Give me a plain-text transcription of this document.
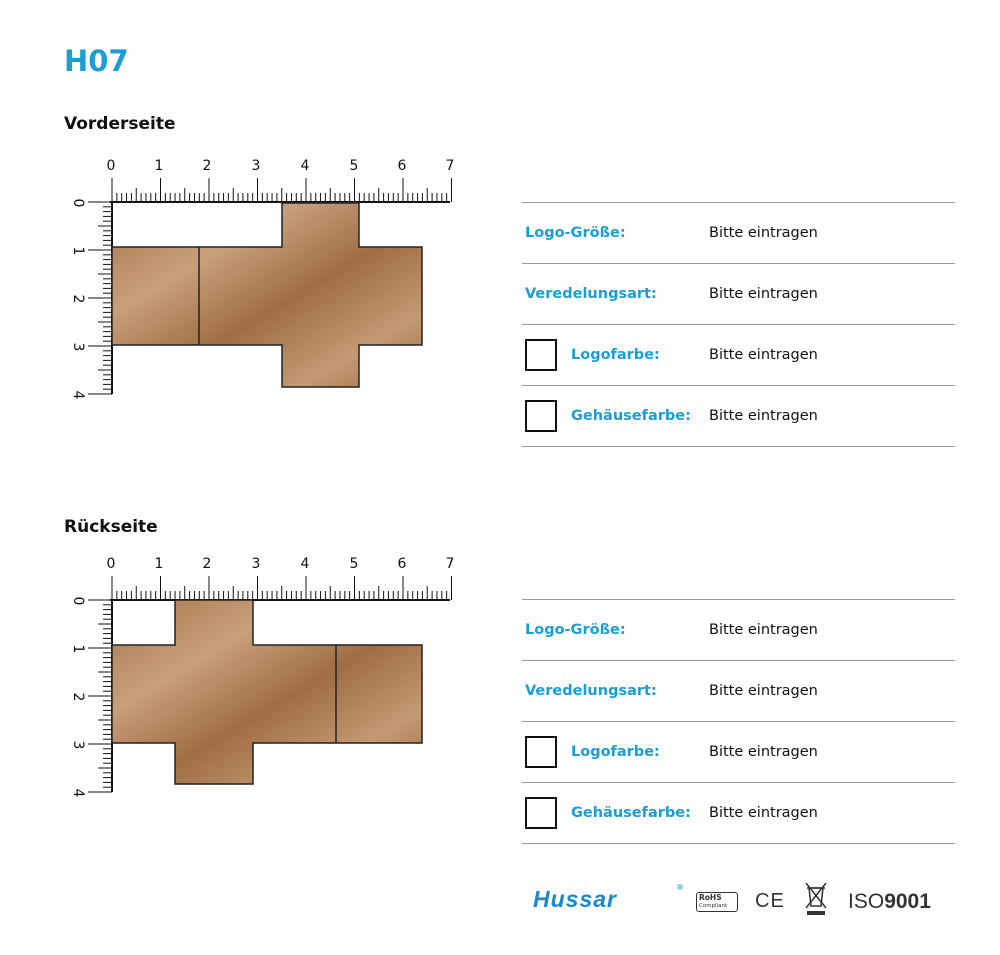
H07
Vorderseite
0	1	2	3	4	5	6	7
0
1
2
3
4
Logo-Größe:	Bitte eintragen
Veredelungsart:	Bitte eintragen
Logofarbe:	Bitte eintragen
Gehäusefarbe: Bitte eintragen
Rückseite
0	1	2	3	4	5	6	7
0
1
2
3
4
Logo-Größe:	Bitte eintragen
Veredelungsart:	Bitte eintragen
Logofarbe:	Bitte eintragen
Gehäusefarbe: Bitte eintragen
Hussar	®
RoHS
Compliant	CE	ISO9001
